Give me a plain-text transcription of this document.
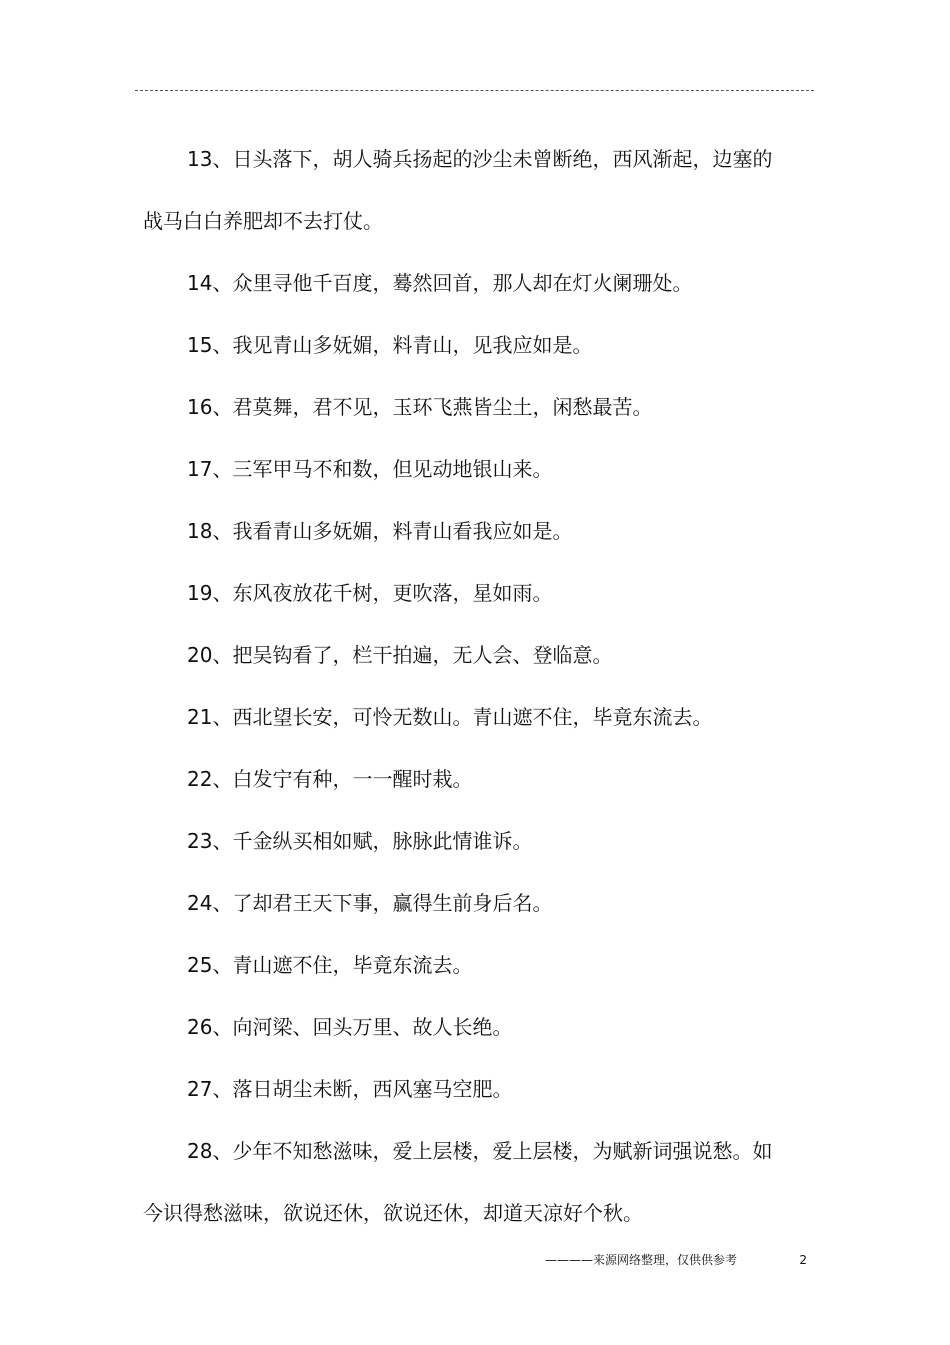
13、日头落下，胡人骑兵扬起的沙尘未曾断绝，西风渐起，边塞的战马白白养肥却不去打仗。

14、众里寻他千百度，蓦然回首，那人却在灯火阑珊处。

15、我见青山多妩媚，料青山，见我应如是。

16、君莫舞，君不见，玉环飞燕皆尘土，闲愁最苦。

17、三军甲马不和数，但见动地银山来。

18、我看青山多妩媚，料青山看我应如是。

19、东风夜放花千树，更吹落，星如雨。

20、把吴钩看了，栏干拍遍，无人会、登临意。

21、西北望长安，可怜无数山。青山遮不住，毕竟东流去。

22、白发宁有种，一一醒时栽。

23、千金纵买相如赋，脉脉此情谁诉。

24、了却君王天下事，赢得生前身后名。

25、青山遮不住，毕竟东流去。

26、向河梁、回头万里、故人长绝。

27、落日胡尘未断，西风塞马空肥。

28、少年不知愁滋味，爱上层楼，爱上层楼，为赋新词强说愁。如今识得愁滋味，欲说还休，欲说还休，却道天凉好个秋。

————来源网络整理，仅供供参考	2
